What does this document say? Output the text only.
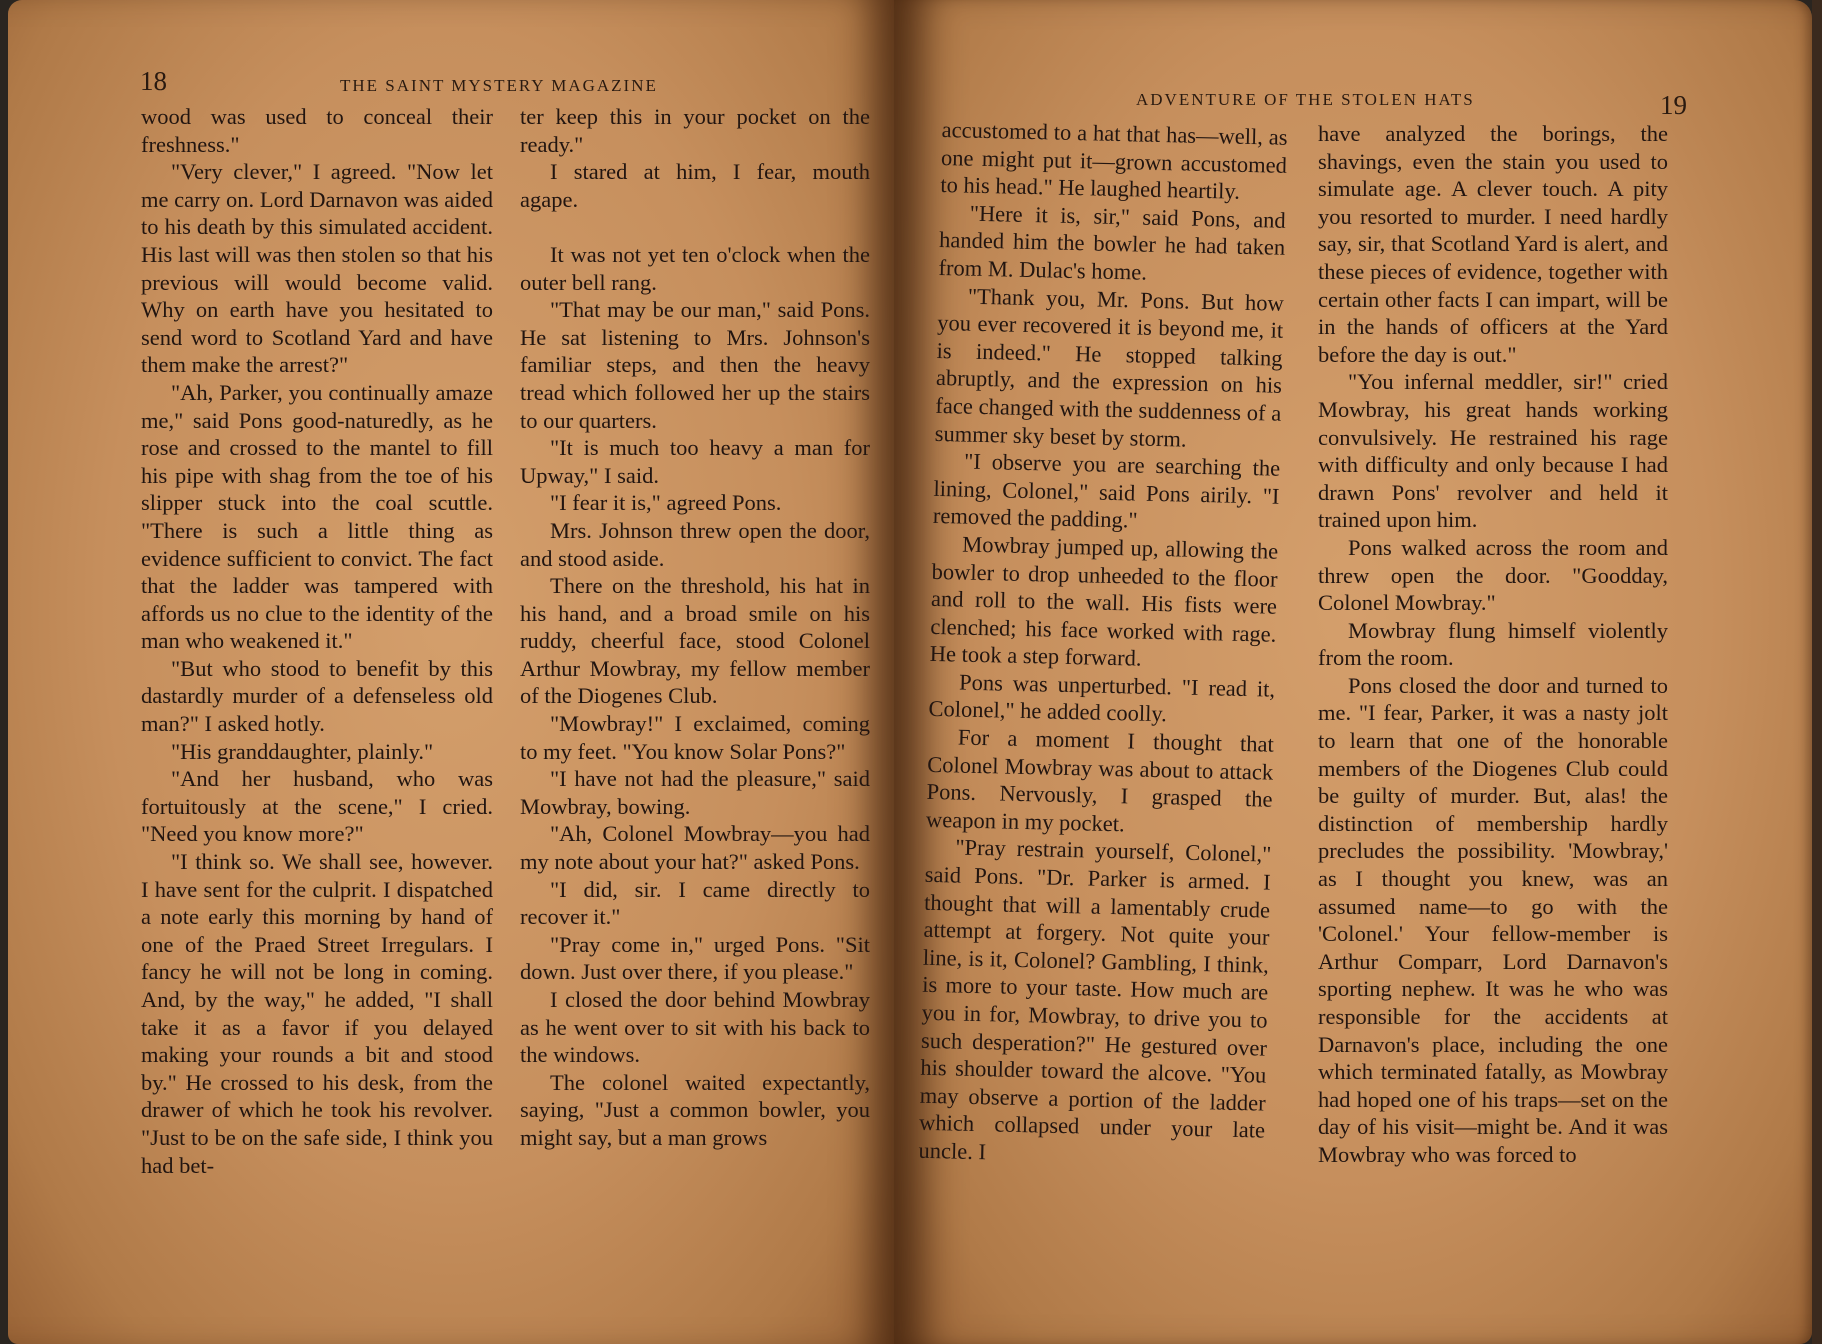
18	THE SAINT MYSTERY MAGAZINE

wood was used to conceal their freshness."

"Very clever," I agreed. "Now let me carry on. Lord Darnavon was aided to his death by this simulated accident. His last will was then stolen so that his previous will would become valid. Why on earth have you hesitated to send word to Scotland Yard and have them make the arrest?"

"Ah, Parker, you continually amaze me," said Pons good-naturedly, as he rose and crossed to the mantel to fill his pipe with shag from the toe of his slipper stuck into the coal scuttle. "There is such a little thing as evidence sufficient to convict. The fact that the ladder was tampered with affords us no clue to the identity of the man who weakened it."

"But who stood to benefit by this dastardly murder of a defenseless old man?" I asked hotly.

"His granddaughter, plainly."

"And her husband, who was fortuitously at the scene," I cried. "Need you know more?"

"I think so. We shall see, however. I have sent for the culprit. I dispatched a note early this morning by hand of one of the Praed Street Irregulars. I fancy he will not be long in coming. And, by the way," he added, "I shall take it as a favor if you delayed making your rounds a bit and stood by." He crossed to his desk, from the drawer of which he took his revolver. "Just to be on the safe side, I think you had bet-

ter keep this in your pocket on the ready."

I stared at him, I fear, mouth agape.

It was not yet ten o'clock when the outer bell rang.

"That may be our man," said Pons. He sat listening to Mrs. Johnson's familiar steps, and then the heavy tread which followed her up the stairs to our quarters.

"It is much too heavy a man for Upway," I said.

"I fear it is," agreed Pons.

Mrs. Johnson threw open the door, and stood aside.

There on the threshold, his hat in his hand, and a broad smile on his ruddy, cheerful face, stood Colonel Arthur Mowbray, my fellow member of the Diogenes Club.

"Mowbray!" I exclaimed, coming to my feet. "You know Solar Pons?"

"I have not had the pleasure," said Mowbray, bowing.

"Ah, Colonel Mowbray—you had my note about your hat?" asked Pons.

"I did, sir. I came directly to recover it."

"Pray come in," urged Pons. "Sit down. Just over there, if you please."

I closed the door behind Mowbray as he went over to sit with his back to the windows.

The colonel waited expectantly, saying, "Just a common bowler, you might say, but a man grows

ADVENTURE OF THE STOLEN HATS	19

accustomed to a hat that has—well, as one might put it—grown accustomed to his head." He laughed heartily.

"Here it is, sir," said Pons, and handed him the bowler he had taken from M. Dulac's home.

"Thank you, Mr. Pons. But how you ever recovered it is beyond me, it is indeed." He stopped talking abruptly, and the expression on his face changed with the suddenness of a summer sky beset by storm.

"I observe you are searching the lining, Colonel," said Pons airily. "I removed the padding."

Mowbray jumped up, allowing the bowler to drop unheeded to the floor and roll to the wall. His fists were clenched; his face worked with rage. He took a step forward.

Pons was unperturbed. "I read it, Colonel," he added coolly.

For a moment I thought that Colonel Mowbray was about to attack Pons. Nervously, I grasped the weapon in my pocket.

"Pray restrain yourself, Colonel," said Pons. "Dr. Parker is armed. I thought that will a lamentably crude attempt at forgery. Not quite your line, is it, Colonel? Gambling, I think, is more to your taste. How much are you in for, Mowbray, to drive you to such desperation?" He gestured over his shoulder toward the alcove. "You may observe a portion of the ladder which collapsed under your late uncle. I

have analyzed the borings, the shavings, even the stain you used to simulate age. A clever touch. A pity you resorted to murder. I need hardly say, sir, that Scotland Yard is alert, and these pieces of evidence, together with certain other facts I can impart, will be in the hands of officers at the Yard before the day is out."

"You infernal meddler, sir!" cried Mowbray, his great hands working convulsively. He restrained his rage with difficulty and only because I had drawn Pons' revolver and held it trained upon him.

Pons walked across the room and threw open the door. "Goodday, Colonel Mowbray."

Mowbray flung himself violently from the room.

Pons closed the door and turned to me. "I fear, Parker, it was a nasty jolt to learn that one of the honorable members of the Diogenes Club could be guilty of murder. But, alas! the distinction of membership hardly precludes the possibility. 'Mowbray,' as I thought you knew, was an assumed name—to go with the 'Colonel.' Your fellow-member is Arthur Comparr, Lord Darnavon's sporting nephew. It was he who was responsible for the accidents at Darnavon's place, including the one which terminated fatally, as Mowbray had hoped one of his traps—set on the day of his visit—might be. And it was Mowbray who was forced to
